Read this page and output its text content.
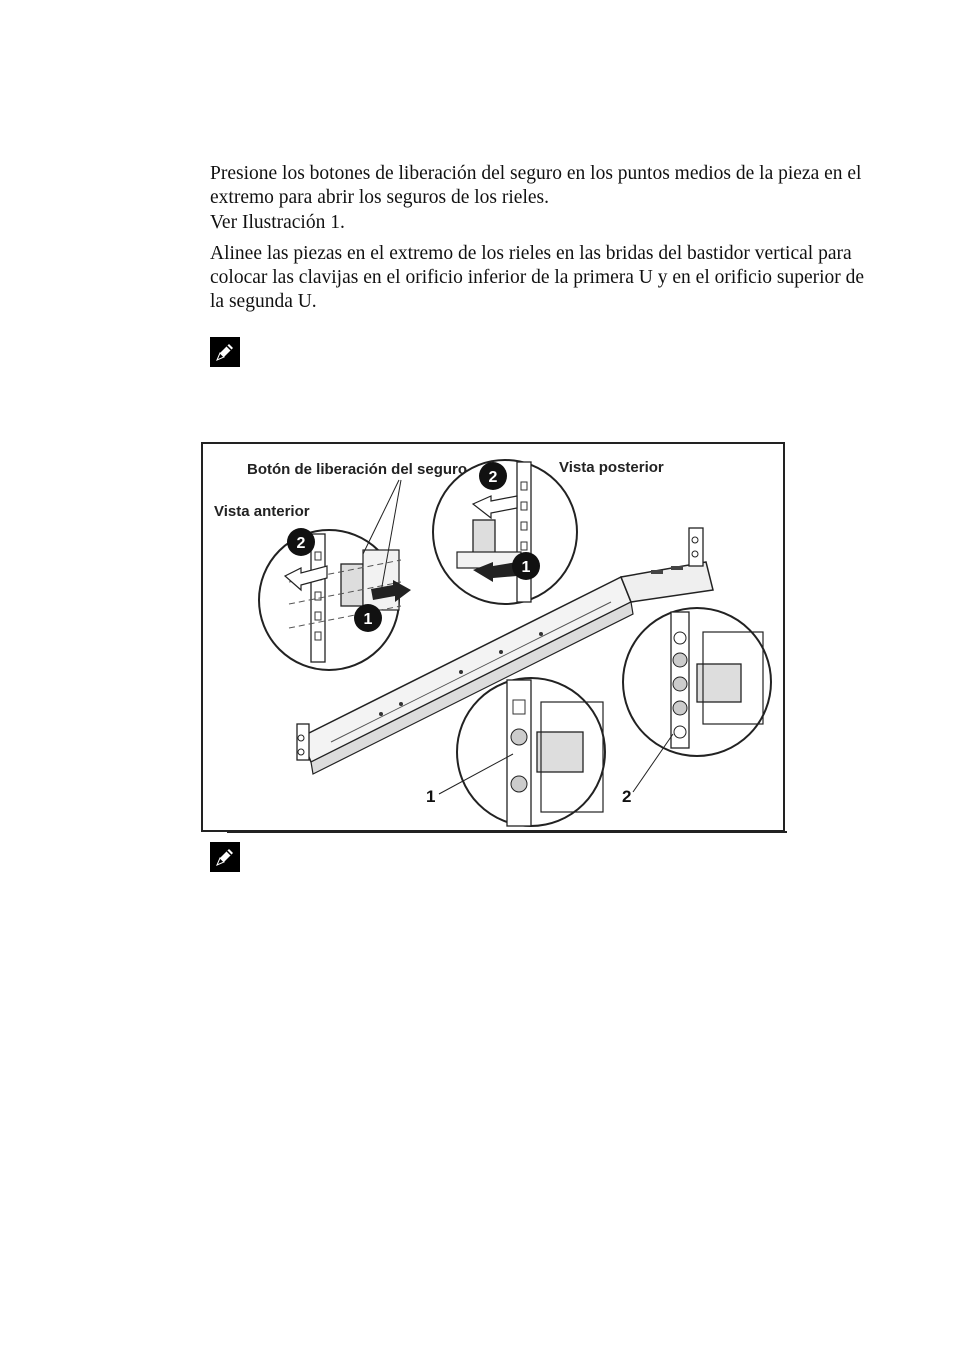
Presione los botones de liberación del seguro en los puntos medios de la pieza en el extremo para abrir los seguros de los rieles.

Ver Ilustración 1.

Alinee las piezas en el extremo de los rieles en las bridas del bastidor vertical para colocar las clavijas en el orificio inferior de la primera U y en el orificio superior de la segunda U.

Botón de liberación del seguro
Vista anterior
Vista posterior
2
1
2
1
1	2
